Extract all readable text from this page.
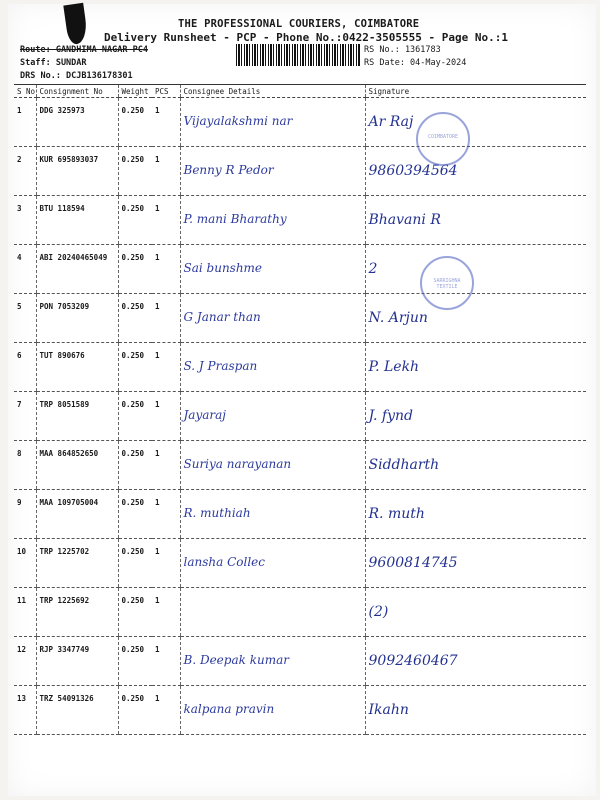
THE PROFESSIONAL COURIERS, COIMBATORE
Delivery Runsheet - PCP - Phone No.:0422-3505555 - Page No.:1
Route: GANDHIMA NAGAR PC4
Staff: SUNDAR
DRS No.: DCJB136178301
RS No.: 1361783
RS Date: 04-May-2024
S No	Consignment No	Weight	PCS	Consignee Details	Signature
1	DDG 325973	0.250	1	Vijayalakshmi nar	Ar Raj
2	KUR 695893037	0.250	1	Benny R Pedor	9860394564
3	BTU 118594	0.250	1	P. mani Bharathy	Bhavani R
4	ABI 20240465049	0.250	1	Sai bunshme	2
5	PON 7053209	0.250	1	G Janar than	N. Arjun
6	TUT 890676	0.250	1	S. J Praspan	P. Lekh
7	TRP 8051589	0.250	1	Jayaraj	J. fynd
8	MAA 864852650	0.250	1	Suriya narayanan	Siddharth
9	MAA 109705004	0.250	1	R. muthiah	R. muth
10	TRP 1225702	0.250	1	lansha Collec	9600814745
11	TRP 1225692	0.250	1		(2)
12	RJP 3347749	0.250	1	B. Deepak kumar	9092460467
13	TRZ 54091326	0.250	1	kalpana pravin	Ikahn
COIMBATORE
SARRIGHNA TEXTILE
